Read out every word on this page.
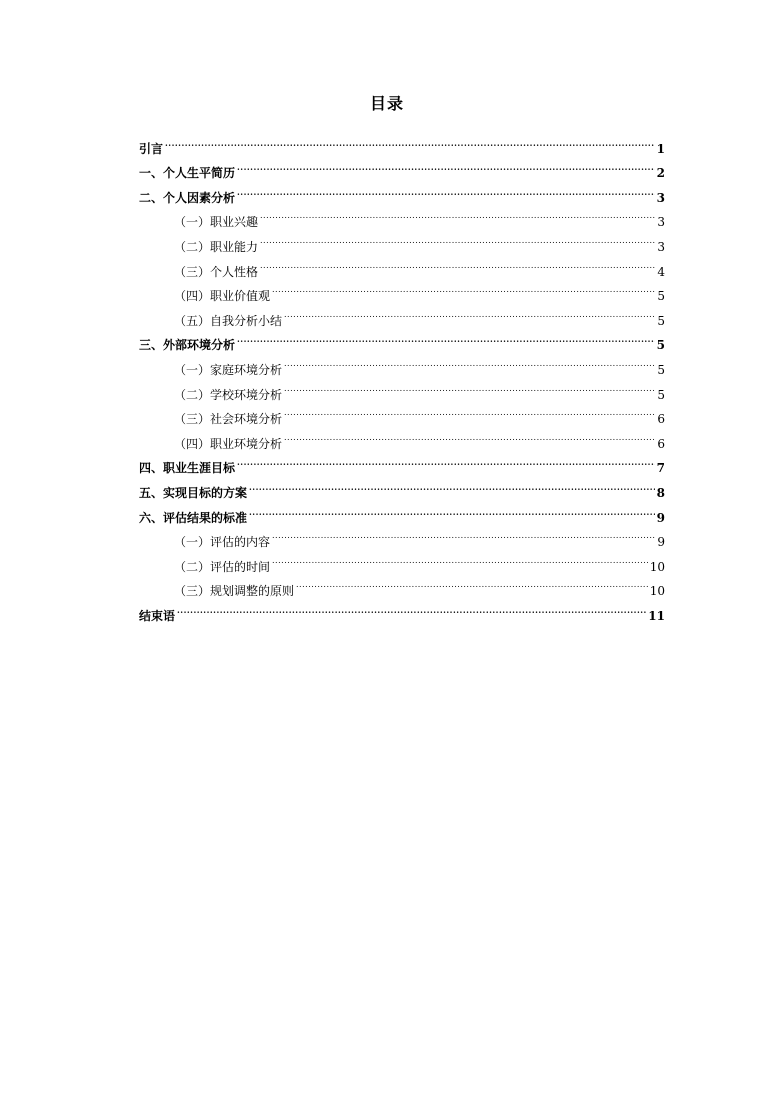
目录
引言 .....	1
一、个人生平简历 .....	2
二、个人因素分析 .....	3
（一）职业兴趣 .....	3
（二）职业能力 .....	3
（三）个人性格 .....	4
（四）职业价值观 .....	5
（五）自我分析小结 .....	5
三、外部环境分析 .....	5
（一）家庭环境分析 .....	5
（二）学校环境分析 .....	5
（三）社会环境分析 .....	6
（四）职业环境分析 .....	6
四、职业生涯目标 .....	7
五、实现目标的方案 .....	8
六、评估结果的标准 .....	9
（一）评估的内容 .....	9
（二）评估的时间 .....	10
（三）规划调整的原则 .....	10
结束语 .....	11
